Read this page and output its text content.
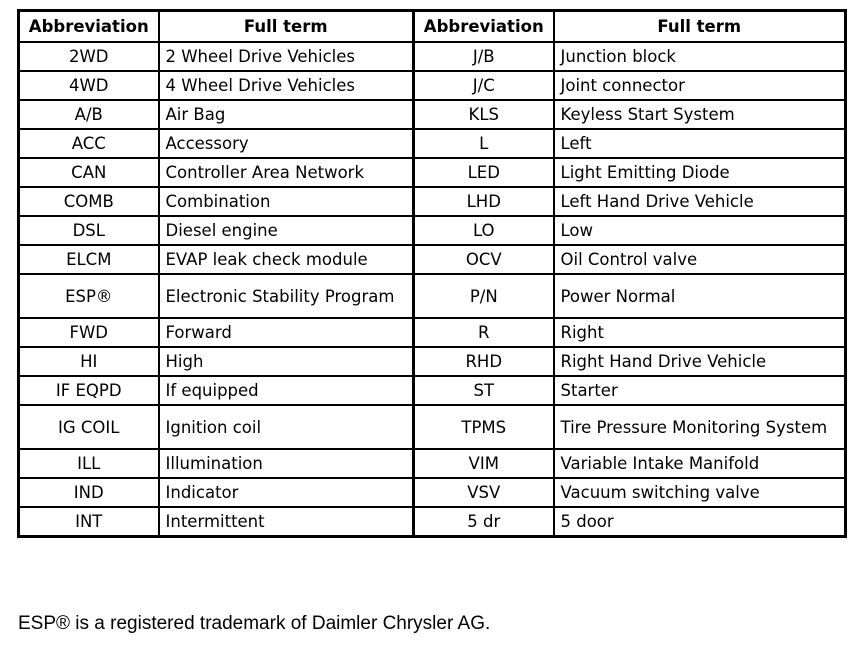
Abbreviation	Full term	Abbreviation	Full term
2WD	2 Wheel Drive Vehicles	J/B	Junction block
4WD	4 Wheel Drive Vehicles	J/C	Joint connector
A/B	Air Bag	KLS	Keyless Start System
ACC	Accessory	L	Left
CAN	Controller Area Network	LED	Light Emitting Diode
COMB	Combination	LHD	Left Hand Drive Vehicle
DSL	Diesel engine	LO	Low
ELCM	EVAP leak check module	OCV	Oil Control valve
ESP®	Electronic Stability Program	P/N	Power Normal
FWD	Forward	R	Right
HI	High	RHD	Right Hand Drive Vehicle
IF EQPD	If equipped	ST	Starter
IG COIL	Ignition coil	TPMS	Tire Pressure Monitoring System
ILL	Illumination	VIM	Variable Intake Manifold
IND	Indicator	VSV	Vacuum switching valve
INT	Intermittent	5 dr	5 door

ESP® is a registered trademark of Daimler Chrysler AG.
